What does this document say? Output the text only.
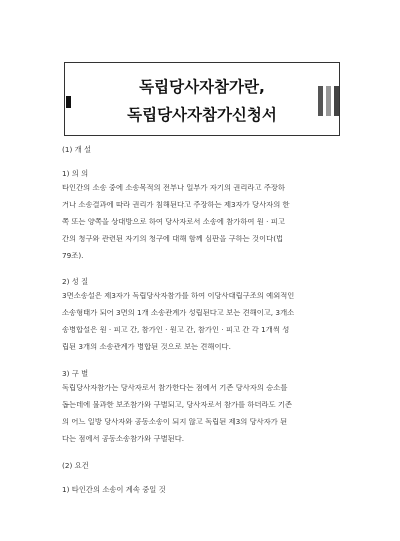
독립당사자참가란,
독립당사자참가신청서
(1) 개 설
1) 의 의
타인간의 소송 중에 소송목적의 전부나 일부가 자기의 권리라고 주장하
거나 소송결과에 따라 권리가 침해된다고 주장하는 제3자가 당사자의 한
쪽 또는 양쪽을 상대방으로 하여 당사자로서 소송에 참가하여 원 · 피고
간의 청구와 관련된 자기의 청구에 대해 함께 심판을 구하는 것이다(법
79조).
2) 성 질
3면소송설은 제3자가 독립당사자참가를 하여 이당사대립구조의 예외적인
소송형태가 되어 3면의 1개 소송관계가 성립된다고 보는 견해이고, 3개소
송병합설은 원 · 피고 간, 참가인 · 원고 간, 참가인 · 피고 간 각 1개씩 성
립된 3개의 소송관계가 병합된 것으로 보는 견해이다.
3) 구 별
독립당사자참가는 당사자로서 참가한다는 점에서 기존 당사자의 승소를
돕는데에 불과한 보조참가와 구별되고, 당사자로서 참가를 하더라도 기존
의 어느 일방 당사자와 공동소송이 되지 않고 독립된 제3의 당사자가 된
다는 점에서 공동소송참가와 구별된다.
(2) 요건
1) 타인간의 소송이 계속 중일 것
